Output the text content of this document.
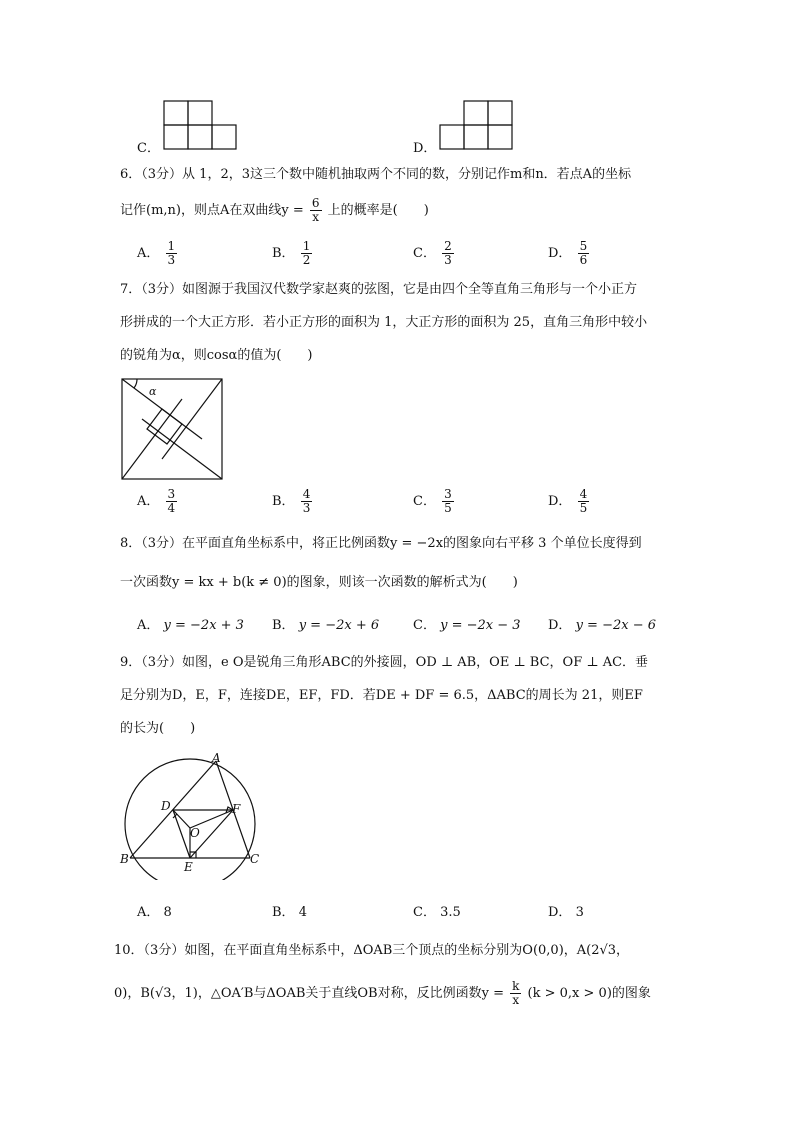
C．	D．
6．（3分）从 1，2，3这三个数中随机抽取两个不同的数，分别记作m和n．若点A的坐标
记作(m,n)，则点A在双曲线$y = \frac{6}{x}$ 上的概率是(　　)
A． $\frac{1}{3}$	B． $\frac{1}{2}$	C． $\frac{2}{3}$	D． $\frac{5}{6}$
7．（3分）如图源于我国汉代数学家赵爽的弦图，它是由四个全等直角三角形与一个小正方
形拼成的一个大正方形．若小正方形的面积为 1，大正方形的面积为 25，直角三角形中较小
的锐角为α，则cosα的值为(　　)
α
A． $\frac{3}{4}$	B． $\frac{4}{3}$	C． $\frac{3}{5}$	D． $\frac{4}{5}$
8．（3分）在平面直角坐标系中，将正比例函数y = −2x的图象向右平移 3 个单位长度得到
一次函数y = kx + b(k ≠ 0)的图象，则该一次函数的解析式为(　　)
A． y = −2x + 3 B． y = −2x + 6	C． y = −2x − 3 D． y = −2x − 6
9．（3分）如图，e O是锐角三角形ABC的外接圆，OD ⊥ AB，OE ⊥ BC，OF ⊥ AC．垂
足分别为D，E，F，连接DE，EF，FD．若DE + DF = 6.5，ΔABC的周长为 21，则EF
的长为(　　)
A
B	C
D
E
F
O
A． 8	B． 4	C． 3.5	D． 3
10．（3分）如图，在平面直角坐标系中，ΔOAB三个顶点的坐标分别为O(0,0)，A(2√3，
0)，B(√3，1)，△OA′B与ΔOAB关于直线OB对称，反比例函数$y = \frac{k}{x} (k > 0,x > 0)$的图象
